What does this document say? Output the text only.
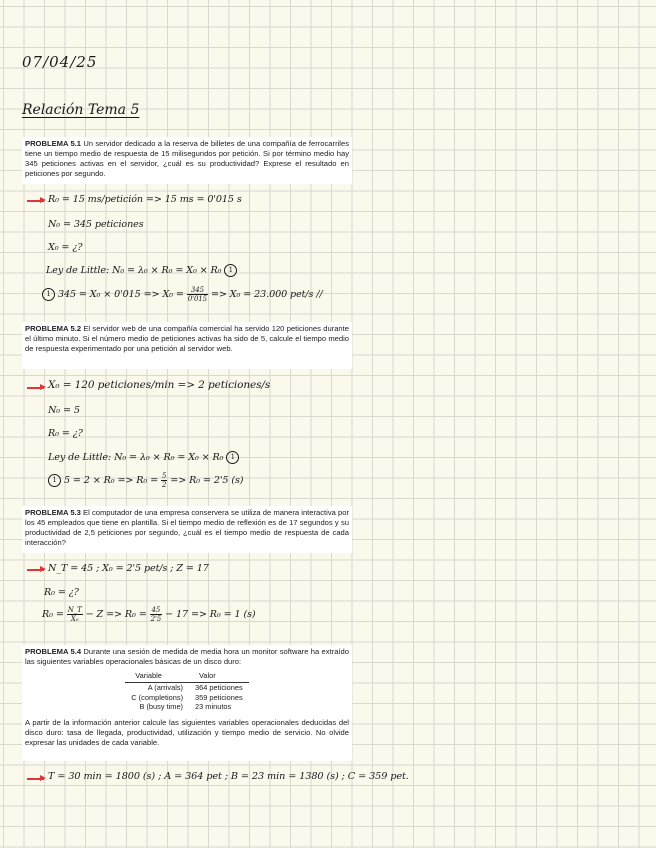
07/04/25
Relación Tema 5
PROBLEMA 5.1 Un servidor dedicado a la reserva de billetes de una compañía de ferrocarriles tiene un tiempo medio de respuesta de 15 milisegundos por petición. Si por término medio hay 345 peticiones activas en el servidor, ¿cuál es su productividad? Exprese el resultado en peticiones por segundo.
R₀ = 15 ms/petición => 15 ms = 0'015 s
N₀ = 345 peticiones
X₀ = ¿?
Ley de Little: N₀ = λ₀ × R₀ = X₀ × R₀ 1
1 $345 = X_0 \times 0'015 => X_0 = \frac{345}{0'015} => X_0 = 23.000$ pet/s //
PROBLEMA 5.2 El servidor web de una compañía comercial ha servido 120 peticiones durante el último minuto. Si el número medio de peticiones activas ha sido de 5, calcule el tiempo medio de respuesta experimentado por una petición al servidor web.
X₀ = 120 peticiones/min => 2 peticiones/s
N₀ = 5
R₀ = ¿?
Ley de Little: N₀ = λ₀ × R₀ = X₀ × R₀ 1
1 $5 = 2 \times R_0 => R_0 = \frac{5}{2} => R_0 = 2'5$ (s)
PROBLEMA 5.3 El computador de una empresa conservera se utiliza de manera interactiva por los 45 empleados que tiene en plantilla. Si el tiempo medio de reflexión es de 17 segundos y su productividad de 2,5 peticiones por segundo, ¿cuál es el tiempo medio de respuesta de cada interacción?
N_T = 45 ; X₀ = 2'5 pet/s ; Z = 17
R₀ = ¿?
$R_0 = \frac{N\_T}{\text{X₀}} - Z => R_0 = \frac{45}{2'5} - 17 => R_0 = 1$ (s)
PROBLEMA 5.4 Durante una sesión de medida de media hora un monitor software ha extraído las siguientes variables operacionales básicas de un disco duro:
Variable	Valor
A (arrivals)	364 peticiones
C (completions)	359 peticiones
B (busy time)	23 minutos
A partir de la información anterior calcule las siguientes variables operacionales deducidas del disco duro: tasa de llegada, productividad, utilización y tiempo medio de servicio. No olvide expresar las unidades de cada variable.
T = 30 min = 1800 (s) ; A = 364 pet ; B = 23 min = 1380 (s) ; C = 359 pet.
